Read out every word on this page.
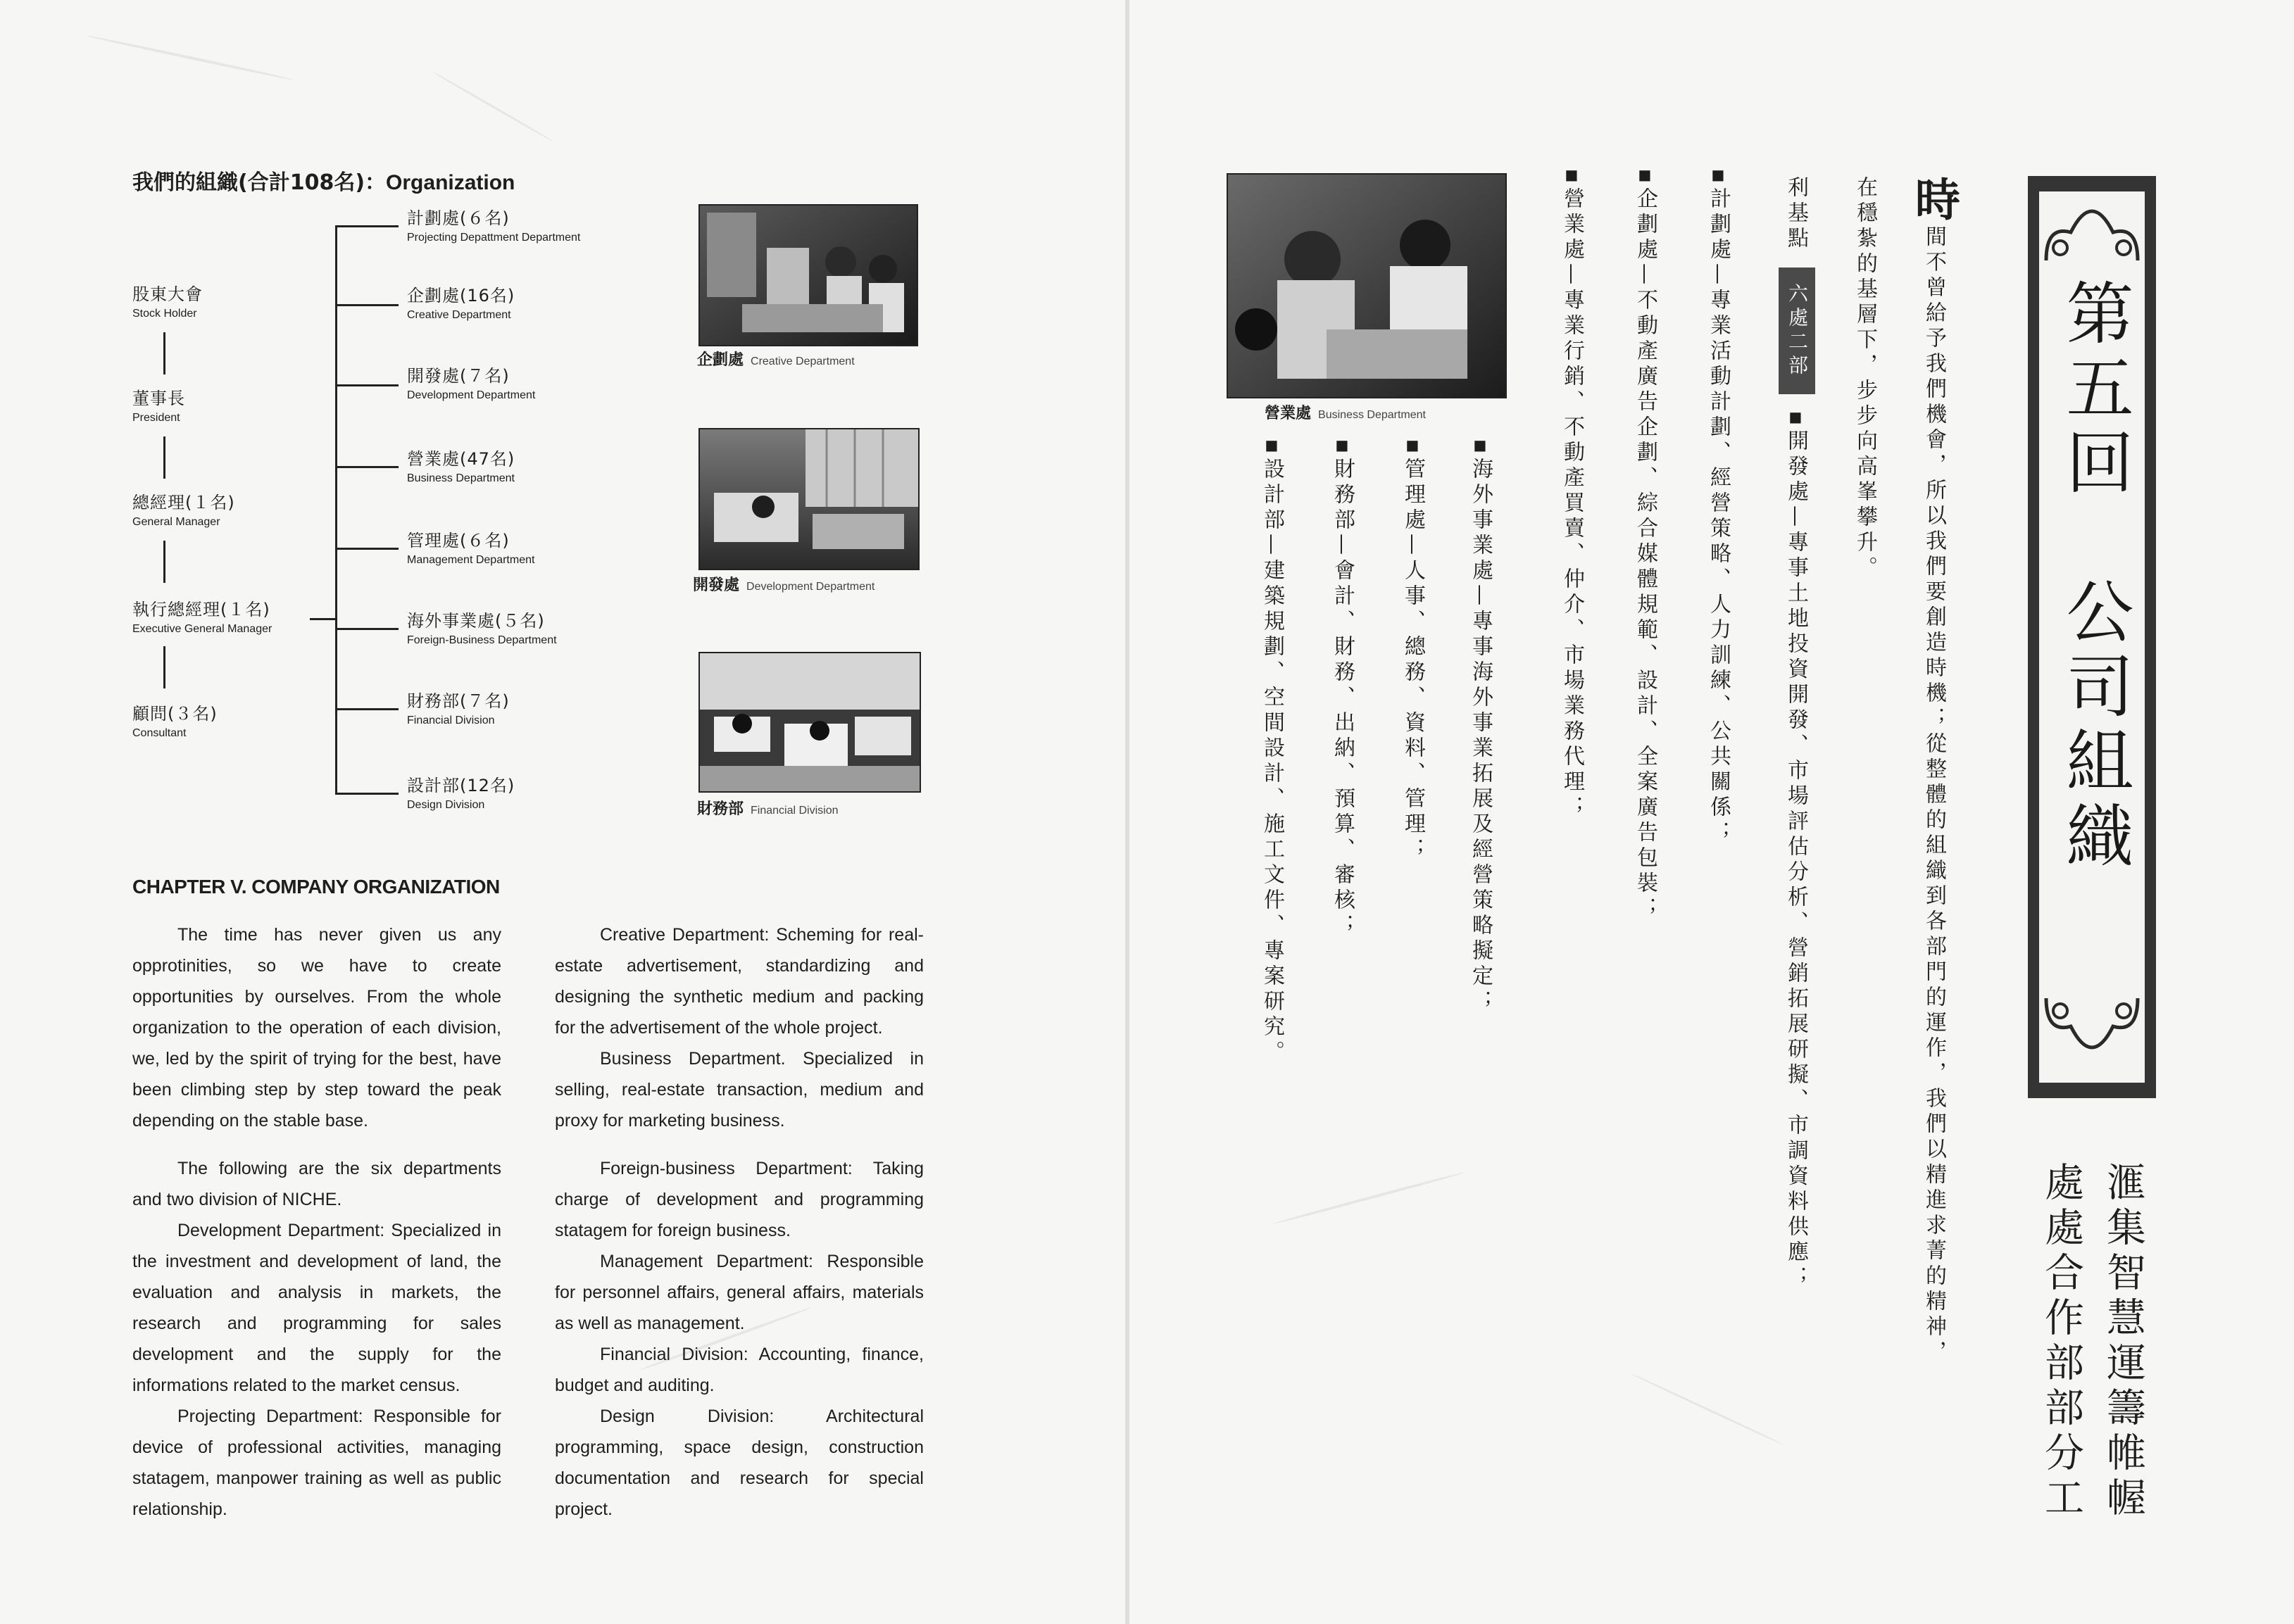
我們的組織(合計108名)：Organization
股東大會
Stock Holder
董事長
President
總經理(１名)
General Manager
執行總經理(１名)
Executive General Manager
顧問(３名)
Consultant
計劃處(６名)
Projecting Depattment Department
企劃處(16名)
Creative Department
開發處(７名)
Development Department
營業處(47名)
Business Department
管理處(６名)
Management Department
海外事業處(５名)
Foreign-Business Department
財務部(７名)
Financial Division
設計部(12名)
Design Division
企劃處 Creative Department
開發處 Development Department
財務部 Financial Division
CHAPTER V. COMPANY ORGANIZATION

The time has never given us any opprotinities, so we have to create opportunities by ourselves. From the whole organization to the operation of each division, we, led by the spirit of trying for the best, have been climbing step by step toward the peak depending on the stable base.

The following are the six departments and two division of NICHE.

Development Department: Specialized in the investment and development of land, the evaluation and analysis in markets, the research and programming for sales development and the supply for the informations related to the market census.

Projecting Department: Responsible for device of professional activities, managing statagem, manpower training as well as public relationship.

Creative Department: Scheming for real-estate advertisement, standardizing and designing the synthetic medium and packing for the advertisement of the whole project.

Business Department. Specialized in selling, real-estate transaction, medium and proxy for marketing business.

Foreign-business Department: Taking charge of development and programming statagem for foreign business.

Management Department: Responsible for personnel affairs, general affairs, materials as well as management.

Financial Division: Accounting, finance, budget and auditing.

Design Division: Architectural programming, space design, construction documentation and research for special project.

第五回　公司組織
滙集智慧運籌帷幄
處處合作部部分工
時間不曾給予我們機會，所以我們要創造時機；從整體的組織到各部門的運作，我們以精進求菁的精神，
在穩紮的基層下，步步向高峯攀升。
利基點
六處二部
■開發處—專事土地投資開發、市場評估分析、營銷拓展研擬、市調資料供應；
■計劃處—專業活動計劃、經營策略、人力訓練、公共關係；
■企劃處—不動產廣告企劃、綜合媒體規範、設計、全案廣告包裝；
■營業處—專業行銷、不動產買賣、仲介、市場業務代理；
營業處 Business Department
■海外事業處—專事海外事業拓展及經營策略擬定；
■管理處—人事、總務、資料、管理；
■財務部—會計、財務、出納、預算、審核；
■設計部—建築規劃、空間設計、施工文件、專案研究。
